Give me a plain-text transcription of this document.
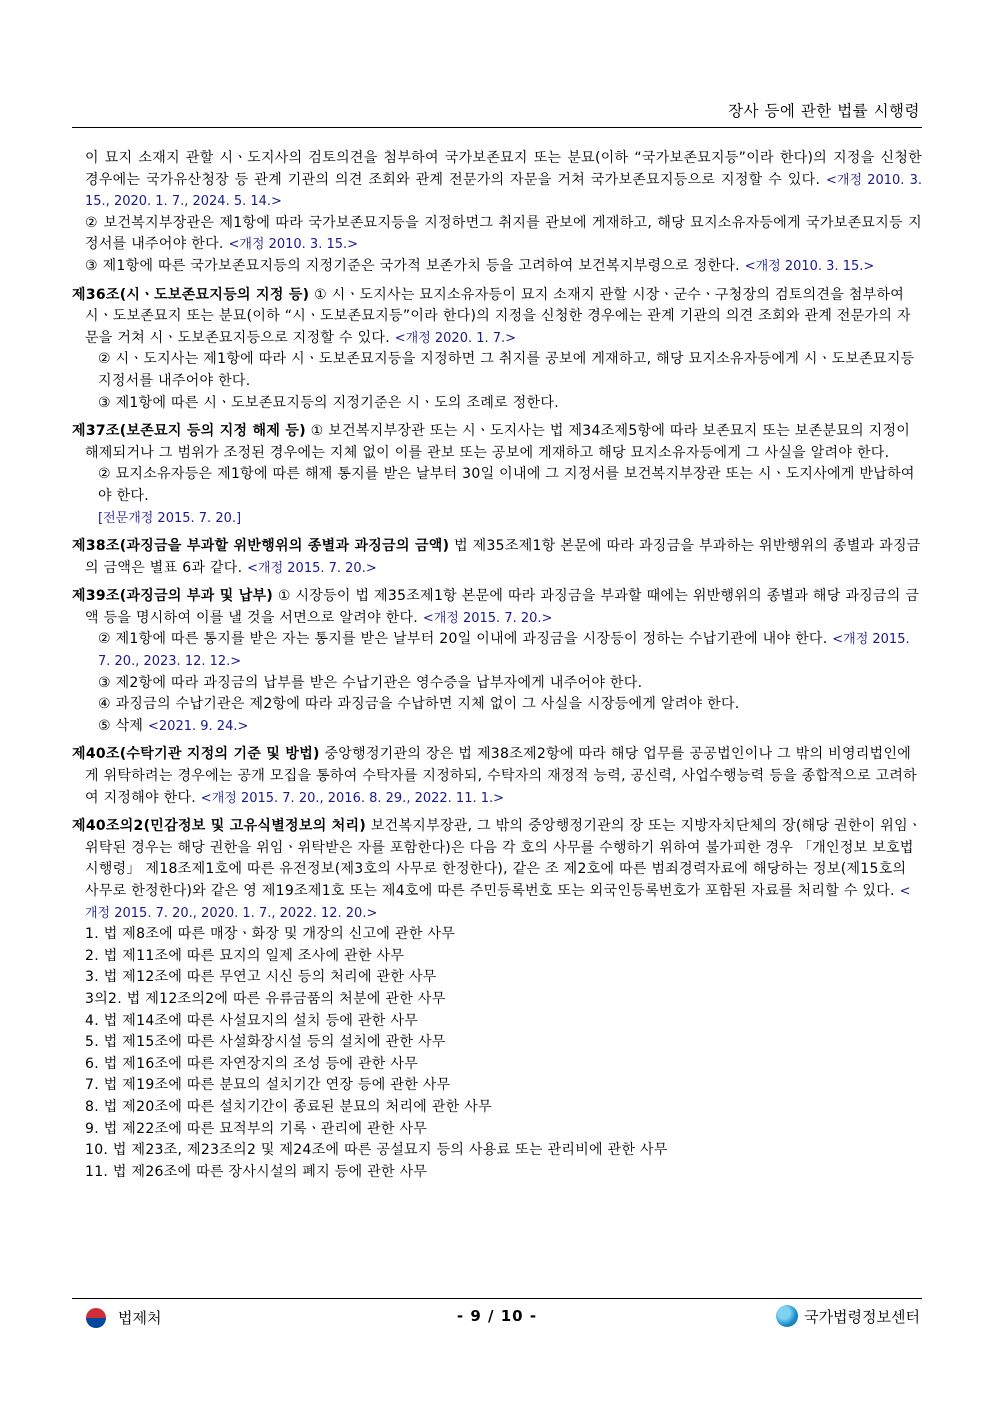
장사 등에 관한 법률 시행령
이 묘지 소재지 관할 시ㆍ도지사의 검토의견을 첨부하여 국가보존묘지 또는 분묘(이하 “국가보존묘지등”이라 한다)의 지정을 신청한 경우에는 국가유산청장 등 관계 기관의 의견 조회와 관계 전문가의 자문을 거쳐 국가보존묘지등으로 지정할 수 있다. <개정 2010. 3. 15., 2020. 1. 7., 2024. 5. 14.>
② 보건복지부장관은 제1항에 따라 국가보존묘지등을 지정하면그 취지를 관보에 게재하고, 해당 묘지소유자등에게 국가보존묘지등 지정서를 내주어야 한다. <개정 2010. 3. 15.>
③ 제1항에 따른 국가보존묘지등의 지정기준은 국가적 보존가치 등을 고려하여 보건복지부령으로 정한다. <개정 2010. 3. 15.>
제36조(시ㆍ도보존묘지등의 지정 등) ① 시ㆍ도지사는 묘지소유자등이 묘지 소재지 관할 시장ㆍ군수ㆍ구청장의 검토의견을 첨부하여 시ㆍ도보존묘지 또는 분묘(이하 “시ㆍ도보존묘지등”이라 한다)의 지정을 신청한 경우에는 관계 기관의 의견 조회와 관계 전문가의 자문을 거쳐 시ㆍ도보존묘지등으로 지정할 수 있다. <개정 2020. 1. 7.>
② 시ㆍ도지사는 제1항에 따라 시ㆍ도보존묘지등을 지정하면 그 취지를 공보에 게재하고, 해당 묘지소유자등에게 시ㆍ도보존묘지등 지정서를 내주어야 한다.
③ 제1항에 따른 시ㆍ도보존묘지등의 지정기준은 시ㆍ도의 조례로 정한다.
제37조(보존묘지 등의 지정 해제 등) ① 보건복지부장관 또는 시ㆍ도지사는 법 제34조제5항에 따라 보존묘지 또는 보존분묘의 지정이 해제되거나 그 범위가 조정된 경우에는 지체 없이 이를 관보 또는 공보에 게재하고 해당 묘지소유자등에게 그 사실을 알려야 한다.
② 묘지소유자등은 제1항에 따른 해제 통지를 받은 날부터 30일 이내에 그 지정서를 보건복지부장관 또는 시ㆍ도지사에게 반납하여야 한다.
[전문개정 2015. 7. 20.]
제38조(과징금을 부과할 위반행위의 종별과 과징금의 금액) 법 제35조제1항 본문에 따라 과징금을 부과하는 위반행위의 종별과 과징금의 금액은 별표 6과 같다. <개정 2015. 7. 20.>
제39조(과징금의 부과 및 납부) ① 시장등이 법 제35조제1항 본문에 따라 과징금을 부과할 때에는 위반행위의 종별과 해당 과징금의 금액 등을 명시하여 이를 낼 것을 서면으로 알려야 한다. <개정 2015. 7. 20.>
② 제1항에 따른 통지를 받은 자는 통지를 받은 날부터 20일 이내에 과징금을 시장등이 정하는 수납기관에 내야 한다. <개정 2015. 7. 20., 2023. 12. 12.>
③ 제2항에 따라 과징금의 납부를 받은 수납기관은 영수증을 납부자에게 내주어야 한다.
④ 과징금의 수납기관은 제2항에 따라 과징금을 수납하면 지체 없이 그 사실을 시장등에게 알려야 한다.
⑤ 삭제 <2021. 9. 24.>
제40조(수탁기관 지정의 기준 및 방법) 중앙행정기관의 장은 법 제38조제2항에 따라 해당 업무를 공공법인이나 그 밖의 비영리법인에게 위탁하려는 경우에는 공개 모집을 통하여 수탁자를 지정하되, 수탁자의 재정적 능력, 공신력, 사업수행능력 등을 종합적으로 고려하여 지정해야 한다. <개정 2015. 7. 20., 2016. 8. 29., 2022. 11. 1.>
제40조의2(민감정보 및 고유식별정보의 처리) 보건복지부장관, 그 밖의 중앙행정기관의 장 또는 지방자치단체의 장(해당 권한이 위임ㆍ위탁된 경우는 해당 권한을 위임ㆍ위탁받은 자를 포함한다)은 다음 각 호의 사무를 수행하기 위하여 불가피한 경우 「개인정보 보호법 시행령」 제18조제1호에 따른 유전정보(제3호의 사무로 한정한다), 같은 조 제2호에 따른 범죄경력자료에 해당하는 정보(제15호의 사무로 한정한다)와 같은 영 제19조제1호 또는 제4호에 따른 주민등록번호 또는 외국인등록번호가 포함된 자료를 처리할 수 있다. <개정 2015. 7. 20., 2020. 1. 7., 2022. 12. 20.>
1. 법 제8조에 따른 매장ㆍ화장 및 개장의 신고에 관한 사무
2. 법 제11조에 따른 묘지의 일제 조사에 관한 사무
3. 법 제12조에 따른 무연고 시신 등의 처리에 관한 사무
3의2. 법 제12조의2에 따른 유류금품의 처분에 관한 사무
4. 법 제14조에 따른 사설묘지의 설치 등에 관한 사무
5. 법 제15조에 따른 사설화장시설 등의 설치에 관한 사무
6. 법 제16조에 따른 자연장지의 조성 등에 관한 사무
7. 법 제19조에 따른 분묘의 설치기간 연장 등에 관한 사무
8. 법 제20조에 따른 설치기간이 종료된 분묘의 처리에 관한 사무
9. 법 제22조에 따른 묘적부의 기록ㆍ관리에 관한 사무
10. 법 제23조, 제23조의2 및 제24조에 따른 공설묘지 등의 사용료 또는 관리비에 관한 사무
11. 법 제26조에 따른 장사시설의 폐지 등에 관한 사무
- 9 / 10 -
법제처	국가법령정보센터
